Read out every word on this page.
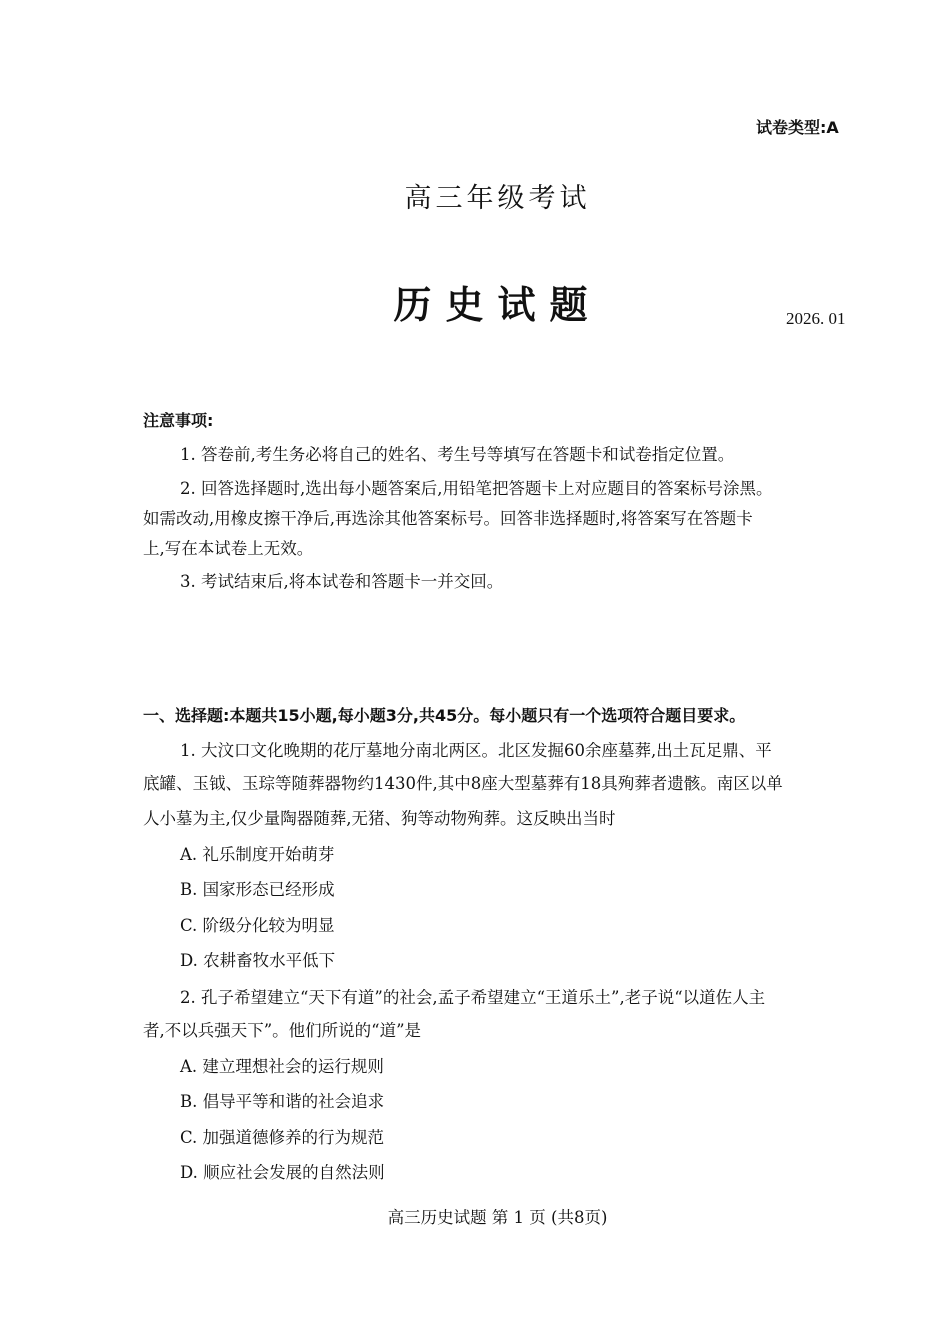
试卷类型:A
高三年级考试
历史试题	2026. 01
注意事项:
1. 答卷前,考生务必将自己的姓名、考生号等填写在答题卡和试卷指定位置。
2. 回答选择题时,选出每小题答案后,用铅笔把答题卡上对应题目的答案标号涂黑。
如需改动,用橡皮擦干净后,再选涂其他答案标号。回答非选择题时,将答案写在答题卡
上,写在本试卷上无效。
3. 考试结束后,将本试卷和答题卡一并交回。
一、选择题:本题共15小题,每小题3分,共45分。每小题只有一个选项符合题目要求。
1. 大汶口文化晚期的花厅墓地分南北两区。北区发掘60余座墓葬,出土瓦足鼎、平
底罐、玉钺、玉琮等随葬器物约1430件,其中8座大型墓葬有18具殉葬者遗骸。南区以单
人小墓为主,仅少量陶器随葬,无猪、狗等动物殉葬。这反映出当时
A. 礼乐制度开始萌芽
B. 国家形态已经形成
C. 阶级分化较为明显
D. 农耕畜牧水平低下
2. 孔子希望建立“天下有道”的社会,孟子希望建立“王道乐土”,老子说“以道佐人主
者,不以兵强天下”。他们所说的“道”是
A. 建立理想社会的运行规则
B. 倡导平等和谐的社会追求
C. 加强道德修养的行为规范
D. 顺应社会发展的自然法则
高三历史试题 第 1 页 (共8页)
